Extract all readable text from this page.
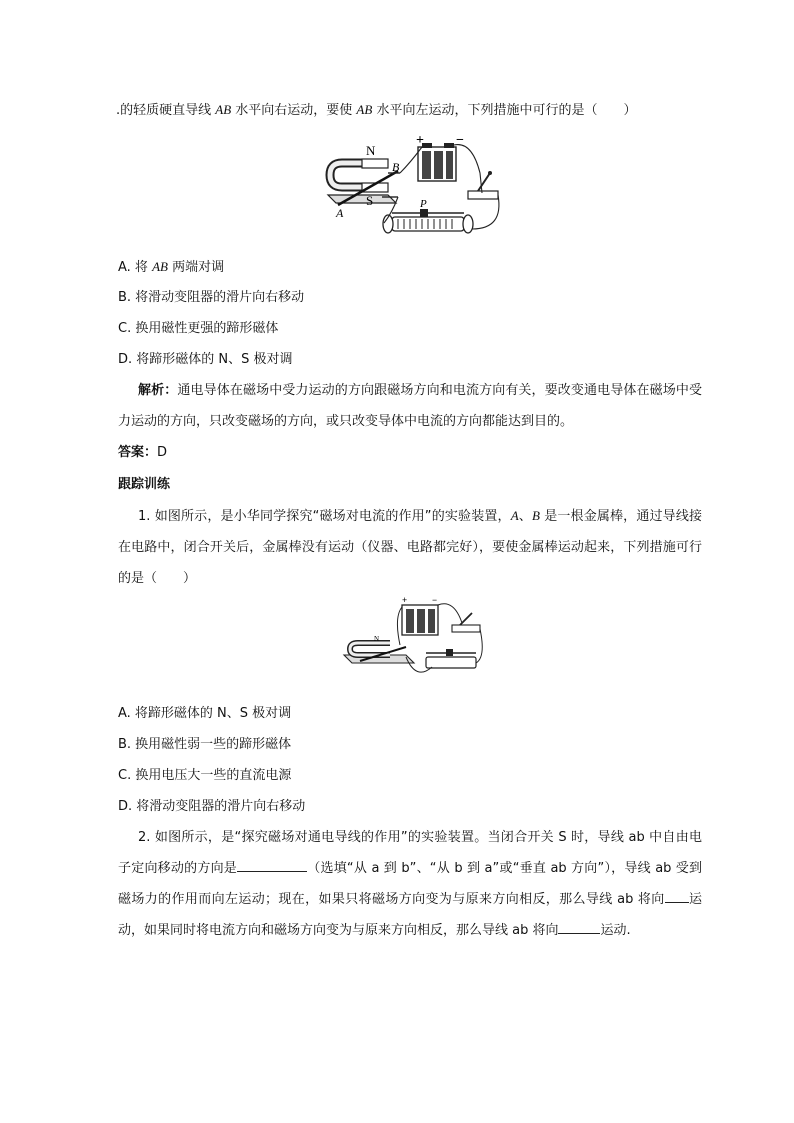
.的轻质硬直导线 AB 水平向右运动，要使 AB 水平向左运动，下列措施中可行的是（　　）
N
S
A
B
P
+ −
A. 将 AB 两端对调
B. 将滑动变阻器的滑片向右移动
C. 换用磁性更强的蹄形磁体
D. 将蹄形磁体的 N、S 极对调
解析：通电导体在磁场中受力运动的方向跟磁场方向和电流方向有关，要改变通电导体在磁场中受力运动的方向，只改变磁场的方向，或只改变导体中电流的方向都能达到目的。
答案：D
跟踪训练
1. 如图所示，是小华同学探究“磁场对电流的作用”的实验装置，A、B 是一根金属棒，通过导线接在电路中，闭合开关后，金属棒没有运动（仪器、电路都完好），要使金属棒运动起来，下列措施可行的是（　　）
N
+	−
A. 将蹄形磁体的 N、S 极对调
B. 换用磁性弱一些的蹄形磁体
C. 换用电压大一些的直流电源
D. 将滑动变阻器的滑片向右移动
2. 如图所示，是“探究磁场对通电导线的作用”的实验装置。当闭合开关 S 时，导线 ab 中自由电子定向移动的方向是	（选填“从 a 到 b”、“从 b 到 a”或“垂直 ab 方向”），导线 ab 受到磁场力的作用而向左运动；现在，如果只将磁场方向变为与原来方向相反，那么导线 ab 将向 运动，如果同时将电流方向和磁场方向变为与原来方向相反，那么导线 ab 将向	运动.
